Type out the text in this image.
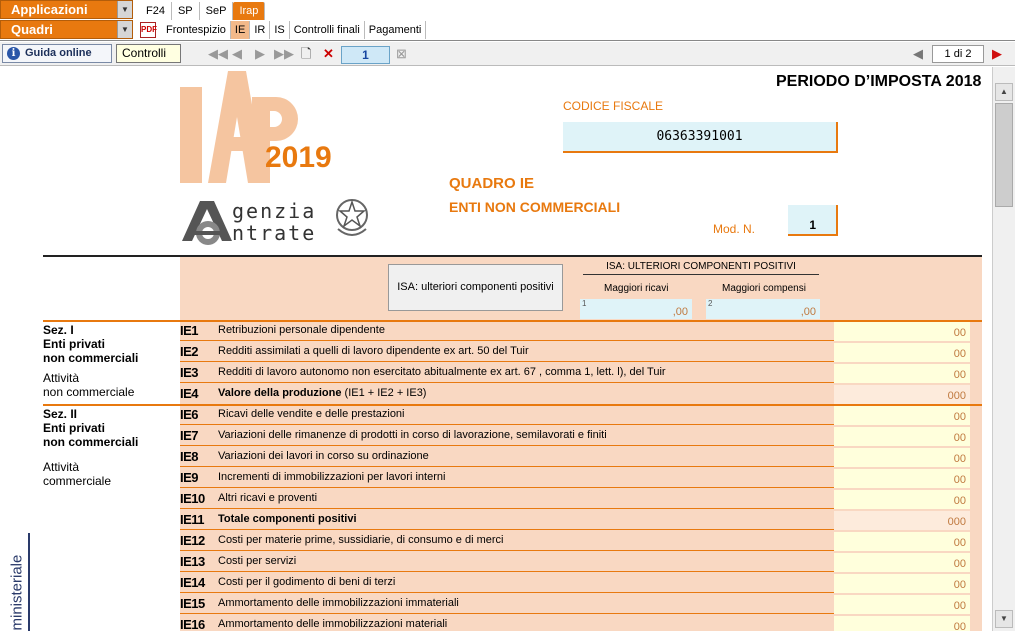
Applicazioni	▼
Quadri	▼
F24	SP	SeP	Irap
PDF Frontespizio IE IR IS Controlli finali Pagamenti
i Guida online	Controlli	◀◀ ◀ ▶ ▶▶ 🗋 ✕	1	⊠	◀	1 di 2	▶
PERIODO D’IMPOSTA 2018
2019
genzia
ntrate
CODICE FISCALE
06363391001
QUADRO IE
ENTI NON COMMERCIALI
Mod. N.	1
ISA: ulteriori componenti positivi
ISA: ULTERIORI COMPONENTI POSITIVI
Maggiori ricavi	Maggiori compensi
1
,00
2
,00
Sez. I
Enti privati
non commerciali
Attività
non commerciale
Sez. II
Enti privati
non commerciali
Attività
commerciale
IE1 Retribuzioni personale dipendente	00
IE2 Redditi assimilati a quelli di lavoro dipendente ex art. 50 del Tuir	00
IE3 Redditi di lavoro autonomo non esercitato abitualmente ex art. 67 , comma 1, lett. l), del Tuir	00
IE4 Valore della produzione (IE1 + IE2 + IE3)	000
IE6 Ricavi delle vendite e delle prestazioni	00
IE7 Variazioni delle rimanenze di prodotti in corso di lavorazione, semilavorati e finiti	00
IE8 Variazioni dei lavori in corso su ordinazione	00
IE9 Incrementi di immobilizzazioni per lavori interni	00
IE10 Altri ricavi e proventi	00
IE11 Totale componenti positivi	000
IE12 Costi per materie prime, sussidiarie, di consumo e di merci	00
IE13 Costi per servizi	00
IE14 Costi per il godimento di beni di terzi	00
IE15 Ammortamento delle immobilizzazioni immateriali	00
IE16 Ammortamento delle immobilizzazioni materiali	00
ministeriale
▲
▼
